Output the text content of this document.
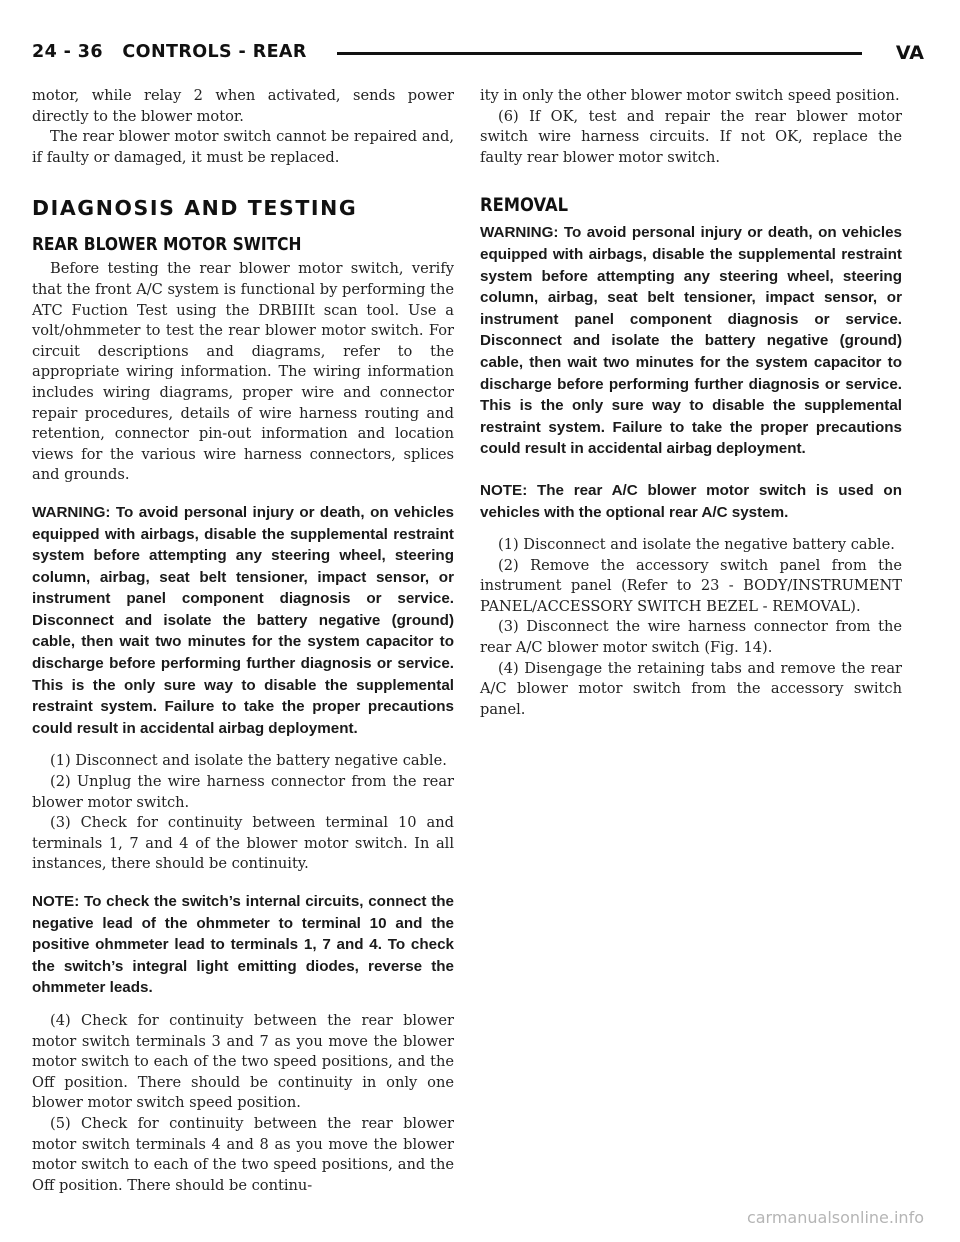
24 - 36   CONTROLS - REAR	VA

motor, while relay 2 when activated, sends power directly to the blower motor.

The rear blower motor switch cannot be repaired and, if faulty or damaged, it must be replaced.

DIAGNOSIS AND TESTING
REAR BLOWER MOTOR SWITCH

Before testing the rear blower motor switch, verify that the front A/C system is functional by performing the ATC Fuction Test using the DRBIIIt scan tool. Use a volt/ohmmeter to test the rear blower motor switch. For circuit descriptions and diagrams, refer to the appropriate wiring information. The wiring information includes wiring diagrams, proper wire and connector repair procedures, details of wire harness routing and retention, connector pin-out information and location views for the various wire harness connectors, splices and grounds.

WARNING: To avoid personal injury or death, on vehicles equipped with airbags, disable the supplemental restraint system before attempting any steering wheel, steering column, airbag, seat belt tensioner, impact sensor, or instrument panel component diagnosis or service. Disconnect and isolate the battery negative (ground) cable, then wait two minutes for the system capacitor to discharge before performing further diagnosis or service. This is the only sure way to disable the supplemental restraint system. Failure to take the proper precautions could result in accidental airbag deployment.

(1) Disconnect and isolate the battery negative cable.

(2) Unplug the wire harness connector from the rear blower motor switch.

(3) Check for continuity between terminal 10 and terminals 1, 7 and 4 of the blower motor switch. In all instances, there should be continuity.

NOTE: To check the switch’s internal circuits, connect the negative lead of the ohmmeter to terminal 10 and the positive ohmmeter lead to terminals 1, 7 and 4. To check the switch’s integral light emitting diodes, reverse the ohmmeter leads.

(4) Check for continuity between the rear blower motor switch terminals 3 and 7 as you move the blower motor switch to each of the two speed positions, and the Off position. There should be continuity in only one blower motor switch speed position.

(5) Check for continuity between the rear blower motor switch terminals 4 and 8 as you move the blower motor switch to each of the two speed positions, and the Off position. There should be continu-

ity in only the other blower motor switch speed position.

(6) If OK, test and repair the rear blower motor switch wire harness circuits. If not OK, replace the faulty rear blower motor switch.

REMOVAL

WARNING: To avoid personal injury or death, on vehicles equipped with airbags, disable the supplemental restraint system before attempting any steering wheel, steering column, airbag, seat belt tensioner, impact sensor, or instrument panel component diagnosis or service. Disconnect and isolate the battery negative (ground) cable, then wait two minutes for the system capacitor to discharge before performing further diagnosis or service. This is the only sure way to disable the supplemental restraint system. Failure to take the proper precautions could result in accidental airbag deployment.

NOTE: The rear A/C blower motor switch is used on vehicles with the optional rear A/C system.

(1) Disconnect and isolate the negative battery cable.

(2) Remove the accessory switch panel from the instrument panel (Refer to 23 - BODY/INSTRUMENT PANEL/ACCESSORY SWITCH BEZEL - REMOVAL).

(3) Disconnect the wire harness connector from the rear A/C blower motor switch (Fig. 14).

(4) Disengage the retaining tabs and remove the rear A/C blower motor switch from the accessory switch panel.

carmanualsonline.info
